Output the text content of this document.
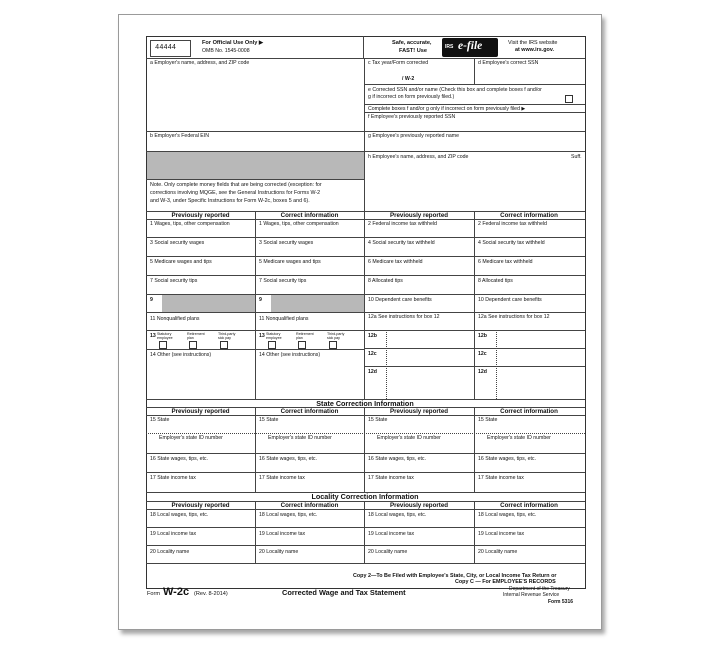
44444
For Official Use Only ▶
OMB No. 1545-0008
Safe, accurate,
FAST! Use
IRS e-file	Visit the IRS website
at www.irs.gov.
a Employer's name, address, and ZIP code	c Tax year/Form corrected
/ W-2
d Employee's correct SSN
e Corrected SSN and/or name (Check this box and complete boxes f and/or
g if incorrect on form previously filed.)
Complete boxes f and/or g only if incorrect on form previously filed ▶
f Employee's previously reported SSN
b Employer's Federal EIN	g Employee's previously reported name
h Employee's name, address, and ZIP code	Suff.
Note. Only complete money fields that are being corrected (exception: for
corrections involving MQGE, see the General Instructions for Forms W-2
and W-3, under Specific Instructions for Form W-2c, boxes 5 and 6).
Previously reported	Correct information	Previously reported	Correct information
1 Wages, tips, other compensation	1 Wages, tips, other compensation	2 Federal income tax withheld	2 Federal income tax withheld
3 Social security wages	3 Social security wages	4 Social security tax withheld	4 Social security tax withheld
5 Medicare wages and tips	5 Medicare wages and tips	6 Medicare tax withheld	6 Medicare tax withheld
7 Social security tips	7 Social security tips	8 Allocated tips	8 Allocated tips
9	9	10 Dependent care benefits	10 Dependent care benefits
11 Nonqualified plans	11 Nonqualified plans	12a See instructions for box 12	12a See instructions for box 12
13 Statutory employee
Retirement plan
Third-party sick pay	13 Statutory employee
Retirement plan
Third-party sick pay
14 Other (see instructions)	14 Other (see instructions)
12b	12b
12c	12c
12d	12d
State Correction Information
Previously reported	Correct information	Previously reported	Correct information
15 State	15 State	15 State	15 State
Employer's state ID number	Employer's state ID number	Employer's state ID number	Employer's state ID number
16 State wages, tips, etc.	16 State wages, tips, etc.	16 State wages, tips, etc.	16 State wages, tips, etc.
17 State income tax	17 State income tax	17 State income tax	17 State income tax
Locality Correction Information
Previously reported	Correct information	Previously reported	Correct information
18 Local wages, tips, etc.	18 Local wages, tips, etc.	18 Local wages, tips, etc.	18 Local wages, tips, etc.
19 Local income tax	19 Local income tax	19 Local income tax	19 Local income tax
20 Locality name	20 Locality name	20 Locality name	20 Locality name
Form W-2c (Rev. 8-2014)	Corrected Wage and Tax Statement
Copy 2—To Be Filed with Employee's State, City, or Local Income Tax Return or
Copy C — For EMPLOYEE'S RECORDS
Department of the Treasury
Internal Revenue Service
Form 5316
